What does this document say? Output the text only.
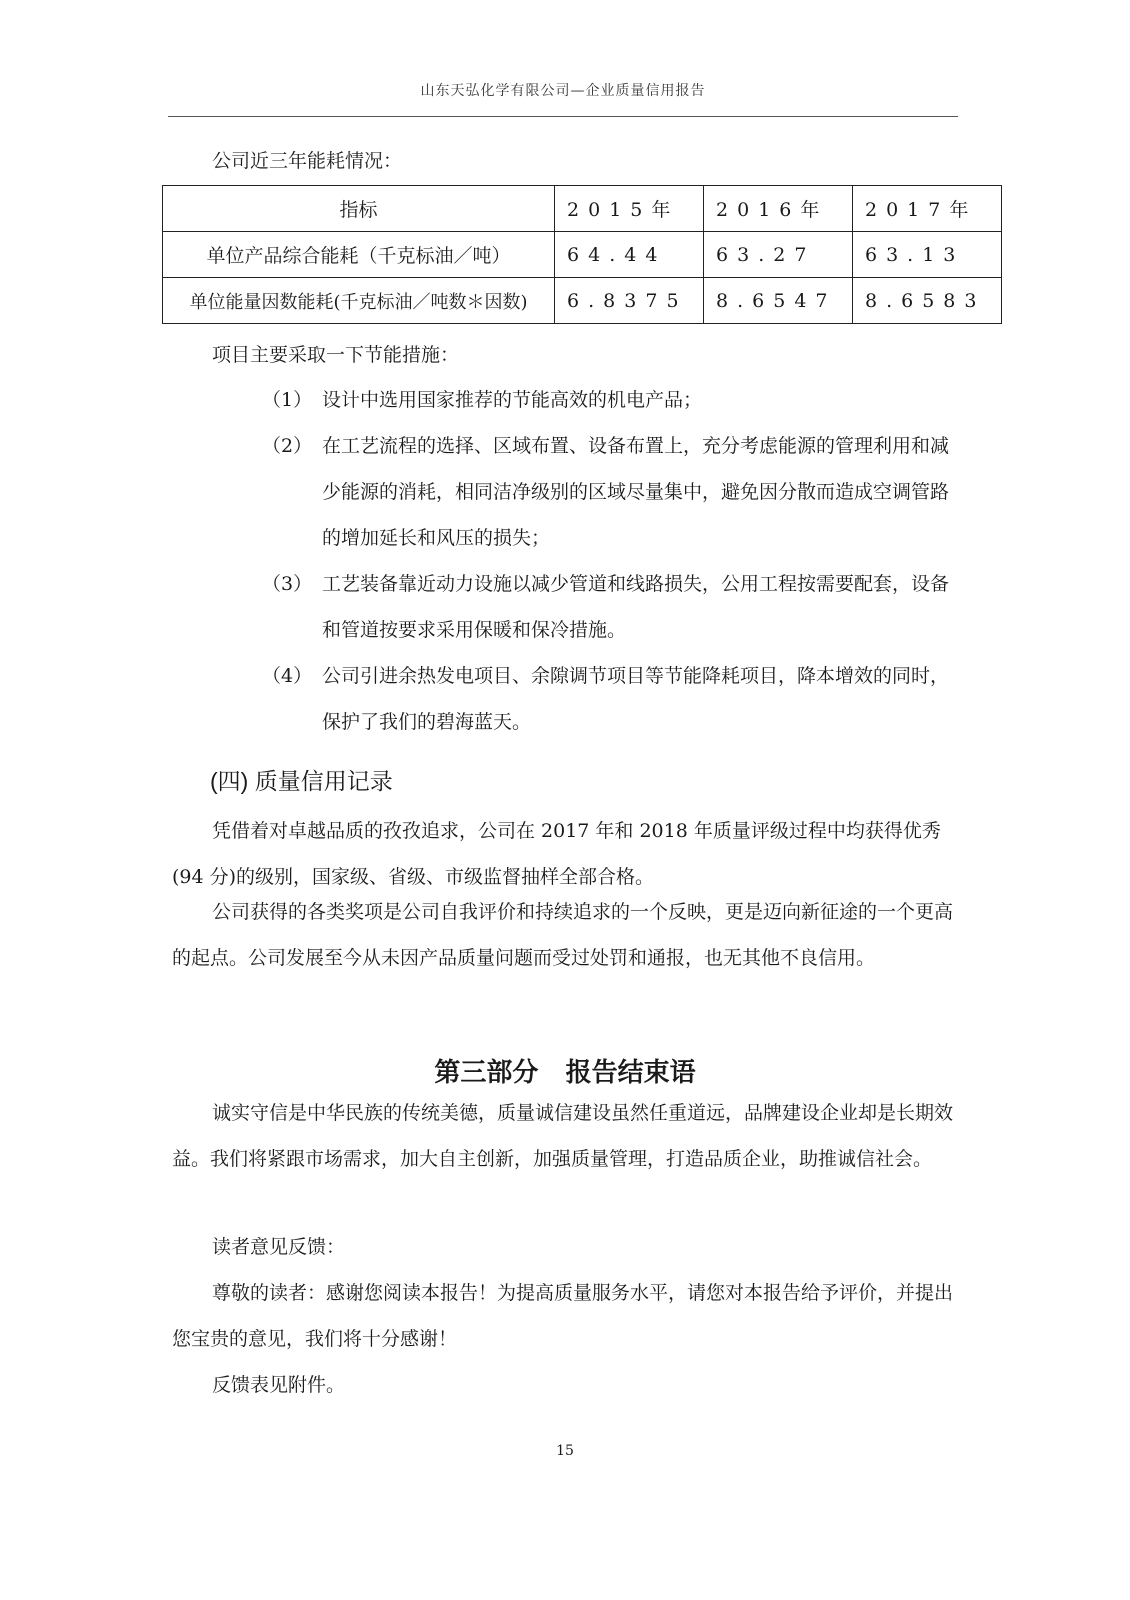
山东天弘化学有限公司—企业质量信用报告
公司近三年能耗情况：
指标	2015年	2016年	2017年
单位产品综合能耗（千克标油／吨）	64.44	63.27	63.13
单位能量因数能耗(千克标油／吨数＊因数)	6.8375	8.6547	8.6583
项目主要采取一下节能措施：
（1） 设计中选用国家推荐的节能高效的机电产品；
（2） 在工艺流程的选择、区域布置、设备布置上，充分考虑能源的管理利用和减少能源的消耗，相同洁净级别的区域尽量集中，避免因分散而造成空调管路的增加延长和风压的损失；
（3） 工艺装备靠近动力设施以减少管道和线路损失，公用工程按需要配套，设备和管道按要求采用保暖和保冷措施。
（4） 公司引进余热发电项目、余隙调节项目等节能降耗项目，降本增效的同时，保护了我们的碧海蓝天。
(四) 质量信用记录
凭借着对卓越品质的孜孜追求，公司在 2017 年和 2018 年质量评级过程中均获得优秀(94 分)的级别，国家级、省级、市级监督抽样全部合格。
公司获得的各类奖项是公司自我评价和持续追求的一个反映，更是迈向新征途的一个更高的起点。公司发展至今从未因产品质量问题而受过处罚和通报，也无其他不良信用。
第三部分   报告结束语
诚实守信是中华民族的传统美德，质量诚信建设虽然任重道远，品牌建设企业却是长期效益。我们将紧跟市场需求，加大自主创新，加强质量管理，打造品质企业，助推诚信社会。
读者意见反馈：
尊敬的读者：感谢您阅读本报告！为提高质量服务水平，请您对本报告给予评价，并提出您宝贵的意见，我们将十分感谢！
反馈表见附件。
15
